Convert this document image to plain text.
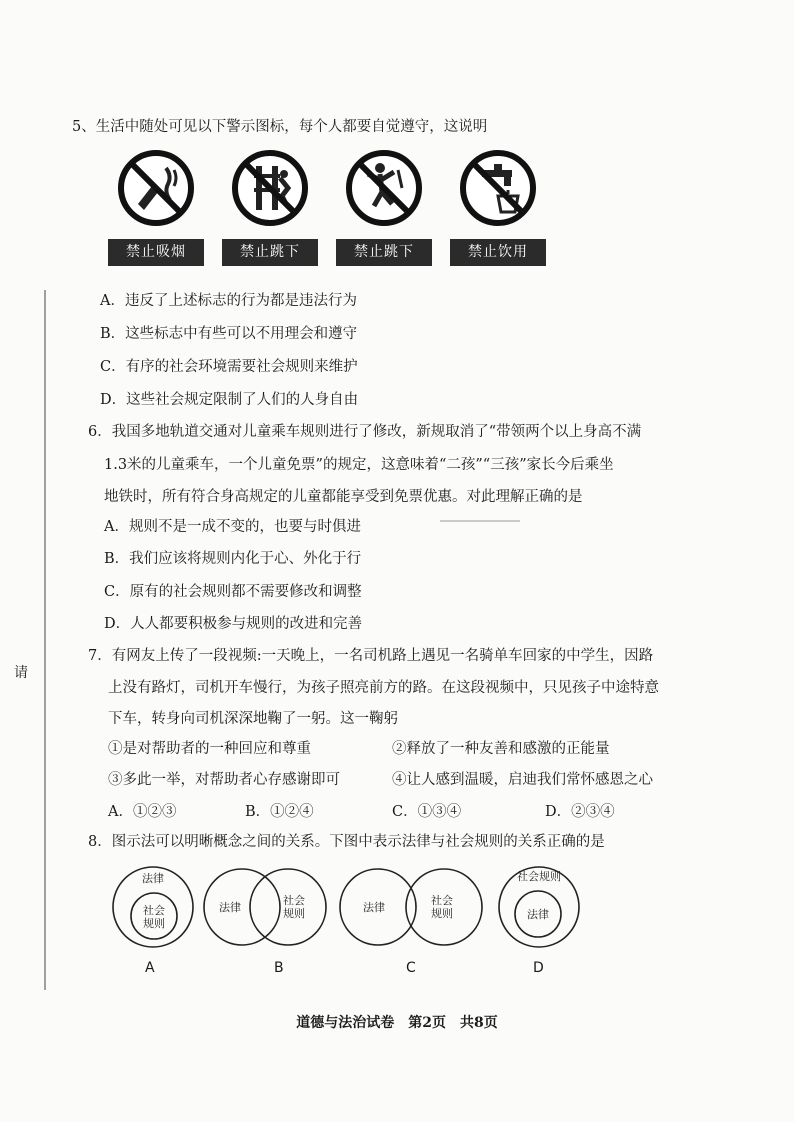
请
5、生活中随处可见以下警示图标，每个人都要自觉遵守，这说明
禁止吸烟	禁止跳下	禁止跳下	禁止饮用
A．违反了上述标志的行为都是违法行为
B．这些标志中有些可以不用理会和遵守
C．有序的社会环境需要社会规则来维护
D．这些社会规定限制了人们的人身自由
6．我国多地轨道交通对儿童乘车规则进行了修改，新规取消了“带领两个以上身高不满
1.3米的儿童乘车，一个儿童免票”的规定，这意味着“二孩”“三孩”家长今后乘坐
地铁时，所有符合身高规定的儿童都能享受到免票优惠。对此理解正确的是
A．规则不是一成不变的，也要与时俱进
B．我们应该将规则内化于心、外化于行
C．原有的社会规则都不需要修改和调整
D．人人都要积极参与规则的改进和完善
7．有网友上传了一段视频:一天晚上，一名司机路上遇见一名骑单车回家的中学生，因路
上没有路灯，司机开车慢行，为孩子照亮前方的路。在这段视频中，只见孩子中途特意
下车，转身向司机深深地鞠了一躬。这一鞠躬
①是对帮助者的一种回应和尊重	②释放了一种友善和感激的正能量
③多此一举，对帮助者心存感谢即可	④让人感到温暖，启迪我们常怀感恩之心
A．①②③	B．①②④	C．①③④	D．②③④
8．图示法可以明晰概念之间的关系。下图中表示法律与社会规则的关系正确的是
法律
社会
规则
法律
社会
规则	法律
社会
规则
社会规则
法律
A	B	C	D
道德与法治试卷　第2页　共8页
